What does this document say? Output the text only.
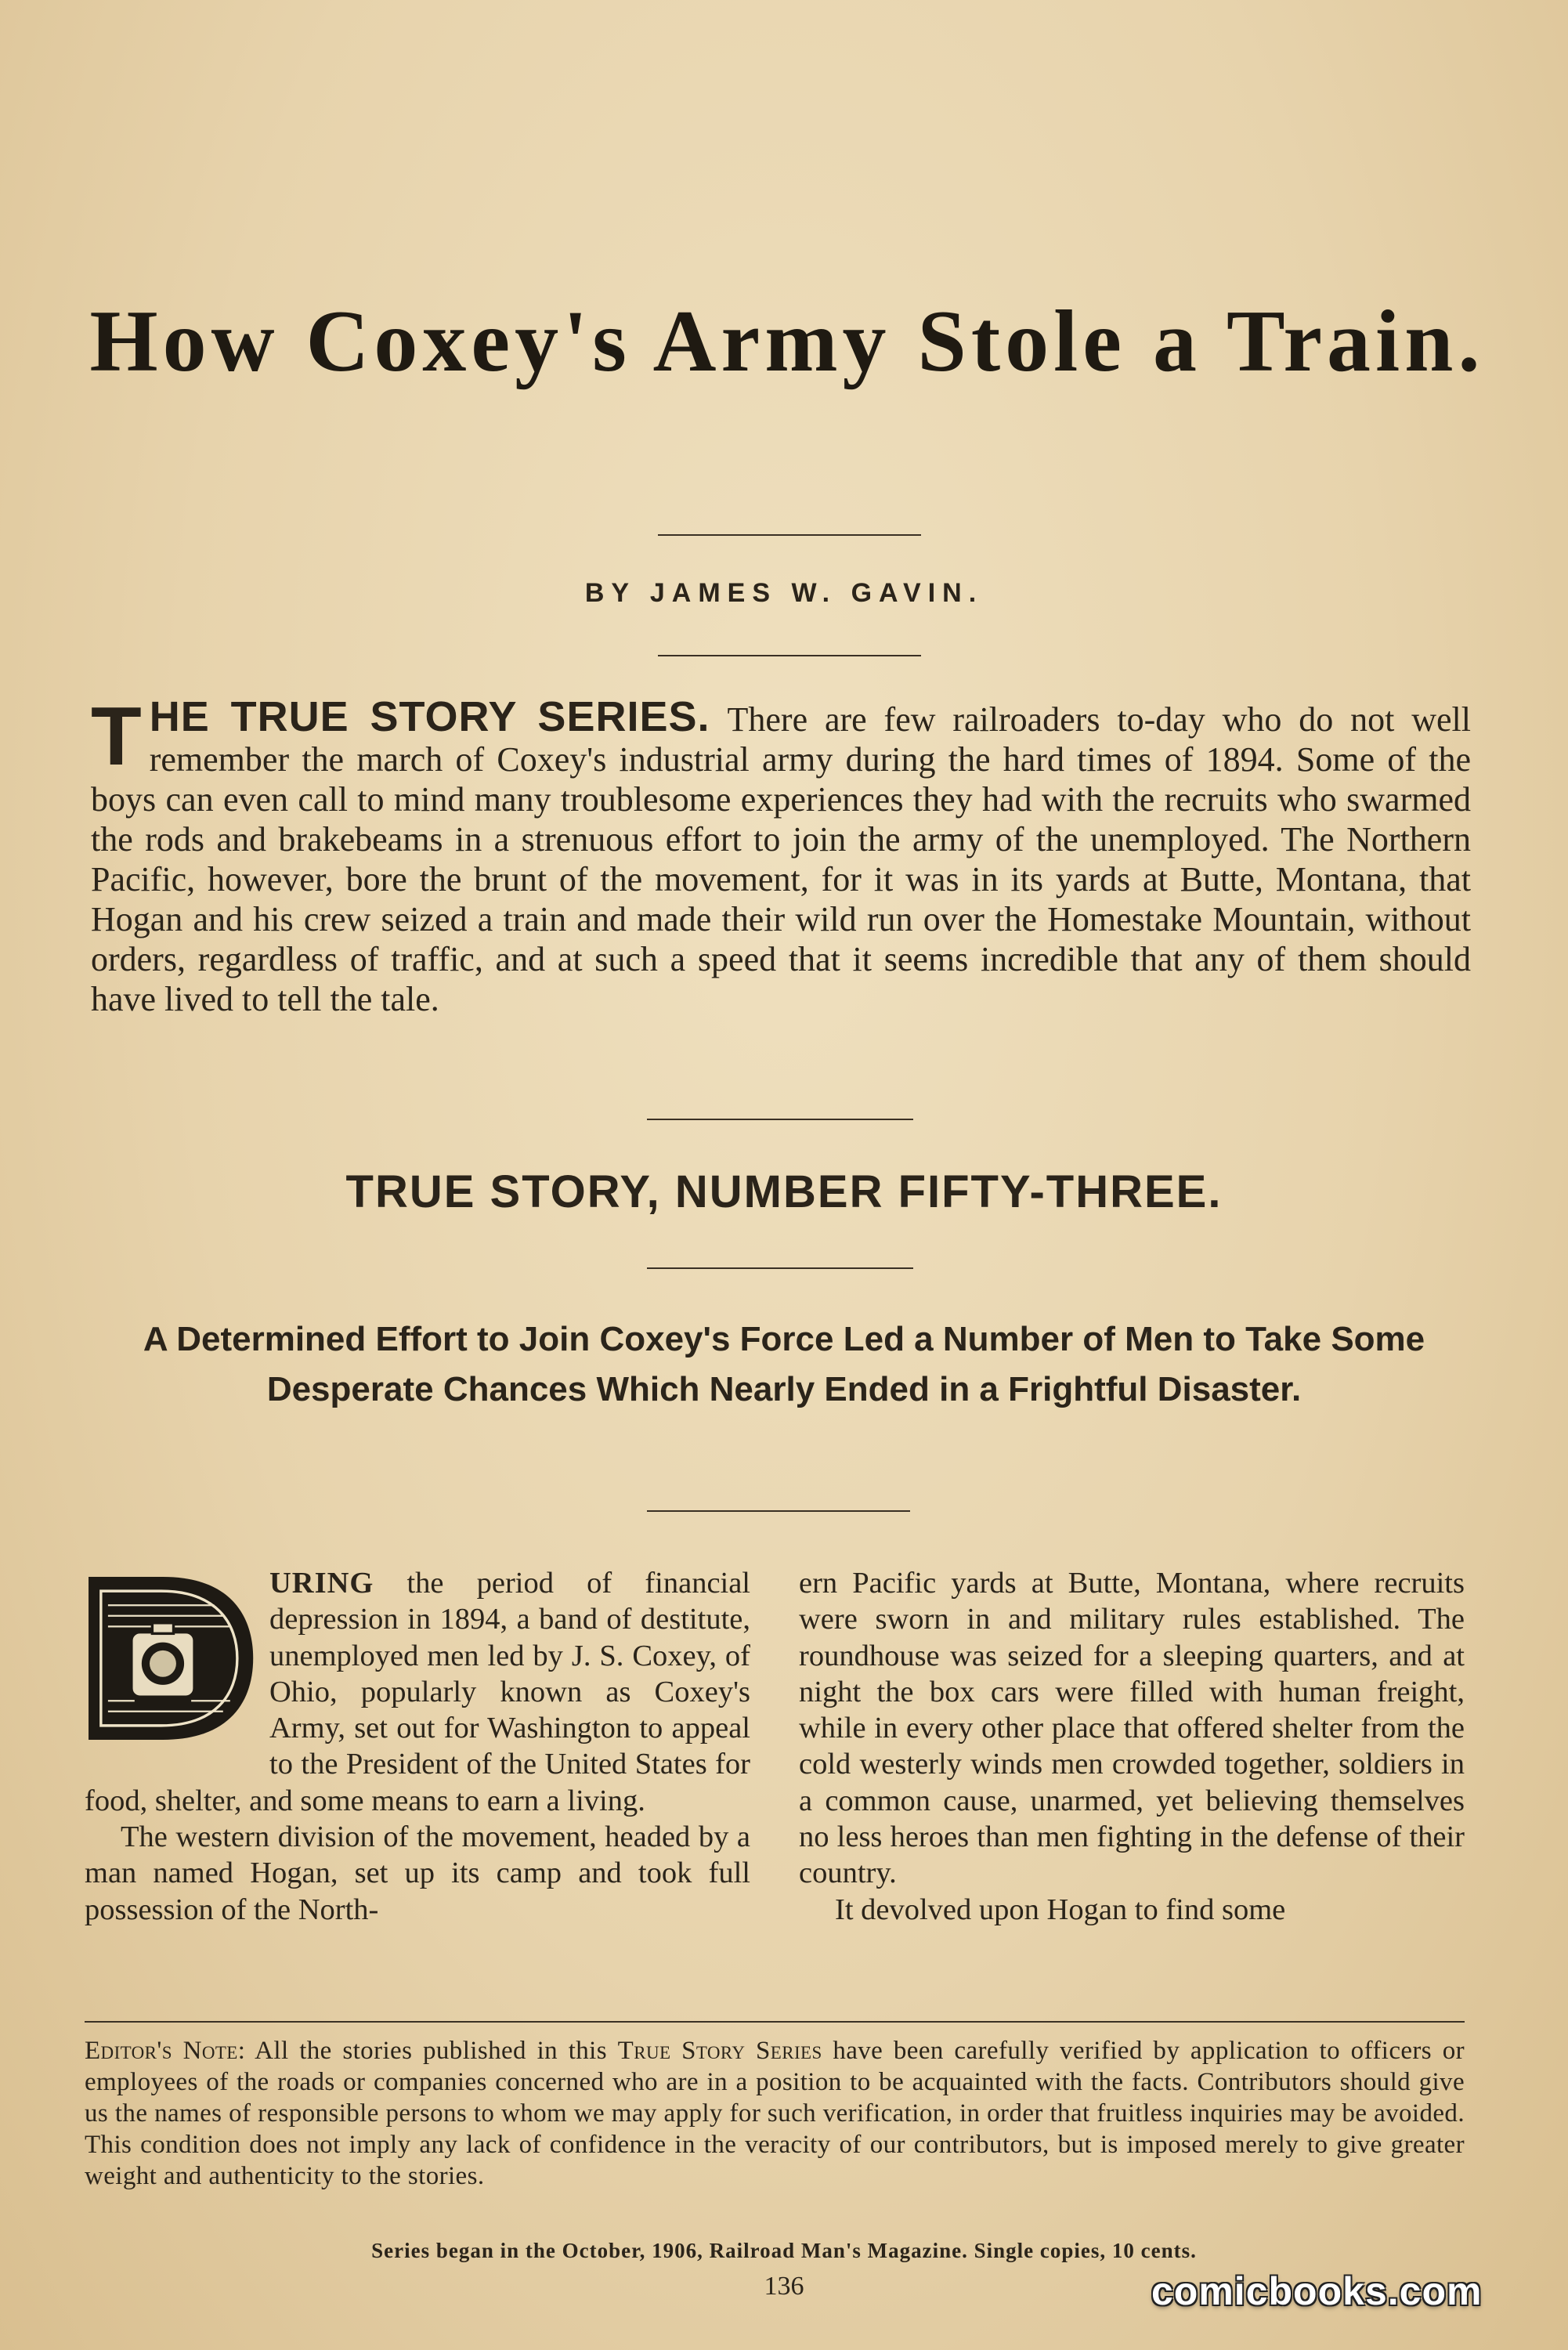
How Coxey's Army Stole a Train.
BY JAMES W. GAVIN.

THE TRUE STORY SERIES. There are few railroaders to-day who do not well remember the march of Coxey's industrial army during the hard times of 1894. Some of the boys can even call to mind many troublesome experiences they had with the recruits who swarmed the rods and brakebeams in a strenuous effort to join the army of the unemployed. The Northern Pacific, however, bore the brunt of the movement, for it was in its yards at Butte, Montana, that Hogan and his crew seized a train and made their wild run over the Homestake Mountain, without orders, regardless of traffic, and at such a speed that it seems incredible that any of them should have lived to tell the tale.

TRUE STORY, NUMBER FIFTY-THREE.

A Determined Effort to Join Coxey's Force Led a Number of Men to Take Some Desperate Chances Which Nearly Ended in a Frightful Disaster.

URING the period of financial depression in 1894, a band of destitute, unemployed men led by J. S. Coxey, of Ohio, popularly known as Coxey's Army, set out for Washington to appeal to the President of the United States for food, shelter, and some means to earn a living.

The western division of the movement, headed by a man named Hogan, set up its camp and took full possession of the North-

ern Pacific yards at Butte, Montana, where recruits were sworn in and military rules established. The roundhouse was seized for a sleeping quarters, and at night the box cars were filled with human freight, while in every other place that offered shelter from the cold westerly winds men crowded together, soldiers in a common cause, unarmed, yet believing themselves no less heroes than men fighting in the defense of their country.

It devolved upon Hogan to find some

Editor's Note: All the stories published in this True Story Series have been carefully verified by application to officers or employees of the roads or companies concerned who are in a position to be acquainted with the facts. Contributors should give us the names of responsible persons to whom we may apply for such verification, in order that fruitless inquiries may be avoided. This condition does not imply any lack of confidence in the veracity of our contributors, but is imposed merely to give greater weight and authenticity to the stories.

Series began in the October, 1906, Railroad Man's Magazine. Single copies, 10 cents.
136	comicbooks.com
